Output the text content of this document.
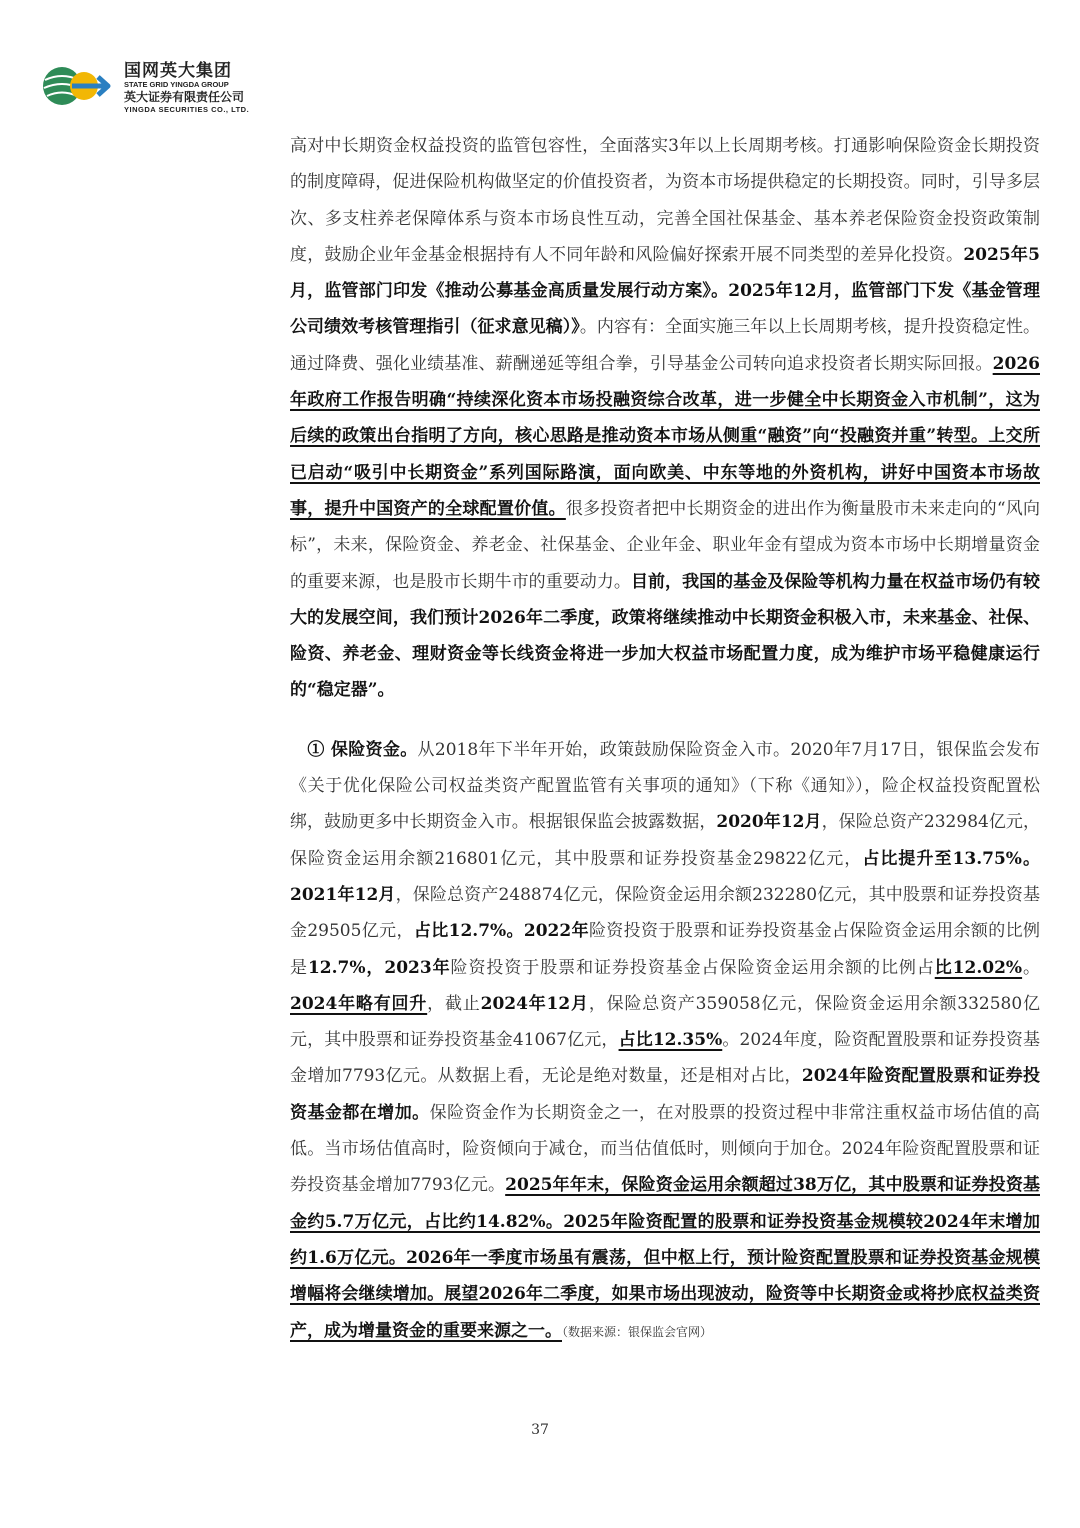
国网英大集团
STATE GRID YINGDA GROUP
英大证券有限责任公司
YINGDA SECURITIES CO., LTD.

高对中长期资金权益投资的监管包容性，全面落实3年以上长周期考核。打通影响保险资金长期投资的制度障碍，促进保险机构做坚定的价值投资者，为资本市场提供稳定的长期投资。同时，引导多层次、多支柱养老保障体系与资本市场良性互动，完善全国社保基金、基本养老保险资金投资政策制度，鼓励企业年金基金根据持有人不同年龄和风险偏好探索开展不同类型的差异化投资。2025年5月，监管部门印发《推动公募基金高质量发展行动方案》。2025年12月，监管部门下发《基金管理公司绩效考核管理指引（征求意见稿）》。内容有：全面实施三年以上长周期考核，提升投资稳定性。通过降费、强化业绩基准、薪酬递延等组合拳，引导基金公司转向追求投资者长期实际回报。2026年政府工作报告明确“持续深化资本市场投融资综合改革，进一步健全中长期资金入市机制”，这为后续的政策出台指明了方向，核心思路是推动资本市场从侧重“融资”向“投融资并重”转型。上交所已启动“吸引中长期资金”系列国际路演，面向欧美、中东等地的外资机构，讲好中国资本市场故事，提升中国资产的全球配置价值。很多投资者把中长期资金的进出作为衡量股市未来走向的“风向标”，未来，保险资金、养老金、社保基金、企业年金、职业年金有望成为资本市场中长期增量资金的重要来源，也是股市长期牛市的重要动力。目前，我国的基金及保险等机构力量在权益市场仍有较大的发展空间，我们预计2026年二季度，政策将继续推动中长期资金积极入市，未来基金、社保、险资、养老金、理财资金等长线资金将进一步加大权益市场配置力度，成为维护市场平稳健康运行的“稳定器”。

　① 保险资金。从2018年下半年开始，政策鼓励保险资金入市。2020年7月17日，银保监会发布《关于优化保险公司权益类资产配置监管有关事项的通知》（下称《通知》），险企权益投资配置松绑，鼓励更多中长期资金入市。根据银保监会披露数据，2020年12月，保险总资产232984亿元，保险资金运用余额216801亿元，其中股票和证券投资基金29822亿元，占比提升至13.75%。2021年12月，保险总资产248874亿元，保险资金运用余额232280亿元，其中股票和证券投资基金29505亿元，占比12.7%。2022年险资投资于股票和证券投资基金占保险资金运用余额的比例是12.7%，2023年险资投资于股票和证券投资基金占保险资金运用余额的比例占比12.02%。2024年略有回升，截止2024年12月，保险总资产359058亿元，保险资金运用余额332580亿元，其中股票和证券投资基金41067亿元，占比12.35%。2024年度，险资配置股票和证券投资基金增加7793亿元。从数据上看，无论是绝对数量，还是相对占比，2024年险资配置股票和证券投资基金都在增加。保险资金作为长期资金之一，在对股票的投资过程中非常注重权益市场估值的高低。当市场估值高时，险资倾向于减仓，而当估值低时，则倾向于加仓。2024年险资配置股票和证券投资基金增加7793亿元。2025年年末，保险资金运用余额超过38万亿，其中股票和证券投资基金约5.7万亿元，占比约14.82%。2025年险资配置的股票和证券投资基金规模较2024年末增加约1.6万亿元。2026年一季度市场虽有震荡，但中枢上行，预计险资配置股票和证券投资基金规模增幅将会继续增加。展望2026年二季度，如果市场出现波动，险资等中长期资金或将抄底权益类资产，成为增量资金的重要来源之一。（数据来源：银保监会官网）

37
